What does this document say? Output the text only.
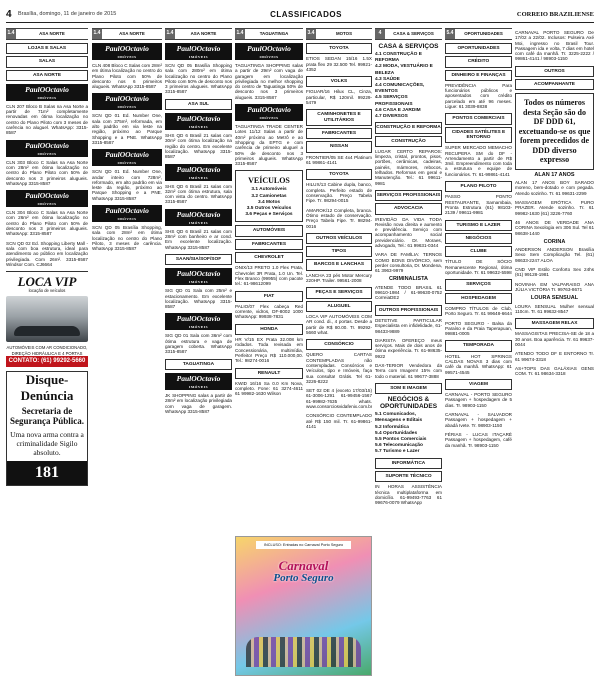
4	Brasília, domingo, 11 de janeiro de 2015	CLASSIFICADOS	CORREIO BRAZILIENSE
1.4	ASA NORTE
LOJAS E SALAS
SALAS
ASA NORTE
PaulOOctavio
IMÓVEIS

CLN 207 Bloco B Salas na Asa Norte a partir de 71m² completamente renovadas em ótima localização no centro do Plano Piloto com 3 meses de carência no aluguel. WhatsApp: 3315-8587

PaulOOctavio
IMÓVEIS

CLN 303 Bloco C Salas na Asa Norte com 28m² em ótima localização no centro do Plano Piloto com 50% de desconto nos 3 primeiros alugueis. WhatsApp 3315-8587

PaulOOctavio
IMÓVEIS

CLN 304 Bloco C Salas na Asa Norte com 26m² em ótima localização no centro do Plano Piloto com 50% de desconto nos 3 primeiros alugueis. WhatsApp: 3315-8587

SCN QD 02 Ed. Shopping Liberty Mall - sala com boa estrutura, ideal para atendimento ao público em localização privilegiada. Com 26m². 3315-8587 Windsor Com. CJ6664

LOCA VIP
locação de veículos
AUTOMÓVEIS COM AR CONDICIONADO, DIREÇÃO HIDRÁULICA E 4 PORTAS
CONTATO: (61) 99292-5660
Disque-Denúncia
Secretaria de Segurança Pública.
Uma nova arma contra a criminalidade Sigilo absoluto.
181
1.4	ASA NORTE
PaulOOctavio
IMÓVEIS

CLN 408 Bloco C Salas com 28m² em ótima localização no centro do Plano Piloto com 50% de desconto nos 6 primeiros alugueis. WhatsApp 3315-8587

PaulOOctavio
IMÓVEIS

SCN QD 01 Ed. Number One, sala com 375m², reformada, em alto padrão em via leste na região, próximo ao Parque Shopping e a PNE. WhatsApp 3315-8587

PaulOOctavio
IMÓVEIS

SCN QD 01 Ed. Number One, andar inteiro com 728m², reformado, em alto padrão em via leste da região, próximo ao Parque Shopping e a PNE. WhatsApp 3315-8587

PaulOOctavio
IMÓVEIS

SCN QD 05 Brasília Shopping, sala com 28m² em ótima localização no centro do Plano Piloto, 3 meses de carência. WhatsApp 3315-8587

1.4	ASA NORTE
PaulOOctavio
IMÓVEIS

SCN QD 05 Brasília Shopping sala com 280m² em ótima localização no centro do Plano Piloto com 50% de desconto nos 3 primeiros alugueis. WhatsApp 3315-8587

ASA SUL
PaulOOctavio
IMÓVEIS

SHS QD 6 Brasil 21 salas com 30m² com ótima localização na região do centro. Em excelente localização. WhatsApp 3315-8587

PaulOOctavio
IMÓVEIS

SHS QD 6 Brasil 21 salas com 32m² com ótima estrutura, sala com vista do centro. WhatsApp 3315-8587

PaulOOctavio
IMÓVEIS

SHS QD 6 Brasil 21 salas com 28m² com banheiro e ar cond. Em excelente localização. WhatsApp 3315-8587

SAAN/SIA/SOF/SOF
PaulOOctavio
IMÓVEIS

SIG QD 01 Sala com 25m² e estacionamento. Em excelente localização. WhatsApp 3315-8587

PaulOOctavio
IMÓVEIS

SIG QD 01 Sala com 36m² com ótima estrutura e vaga de garagem coberta. WhatsApp 3315-8587

TAGUATINGA
PaulOOctavio
IMÓVEIS

JK SHOPPING salas a partir de 28m² em localização privilegiada com vaga de garagem. WhatsApp 3315-8587

1.4	TAGUATINGA
PaulOOctavio
IMÓVEIS

TAGUATINGA SHOPPING salas a partir de 29m² com vaga de garagem em localização privilegiada no melhor shopping do centro de Taguatinga 50% de desconto nos 3 primeiros alugueis. 3315-8587

PaulOOctavio
IMÓVEIS

TAGUATINGA TRADE CENTER Lotes 11/12 Salas a partir de 40m² próximo ao Metrô e ao Shopping da EPTG e com carência de primeiro aluguel a 50% de desconto nos 3 primeiros alugueis. WhatsApp 3315-8587

VEÍCULOS
3.1 Automóveis
3.2 Camionetas
3.4 Motos
3.5 Outros Veículos
3.6 Peças e Serviços
AUTOMÓVEIS
FABRICANTES
CHEVROLET

ONIX/13 PRETO 1.0 Flex Prata, Chevrolet 3R Prata, 1.0 Un. Tel. Flex Branco (99955) com pacote tel.: 61-98612099

FIAT

PALIO/07 Flex cabeça Red corrente, vidros, DF-8002 1000 WhatsApp: 99938-7831

HONDA

HR V/15 EX Prata 32.008 km rodados. Toda revisada em Concessionária, multimídia, Perfeito! Preço R$ 110.000,00. Tel.: 98274-0016

RENAULT

KWID 16/16 Sa 0.0 Km Nova, completo. Fone: 61 3274-4611 61 99982-1630 Wilson

INCLUSO: Entradas no Carnaval Porto Seguro
Carnaval
Porto Seguro
3.4	MOTOS
TOYOTA

ETIOS SEDAN 15/16 1.5X prata flex 29 32.500 Tel. 99921-4352

VOLKS

FIGUAR/16 Hilux CL, Cinza, particular, R$ 120mil. 99229-5479

CAMINHONETES E UTILITÁRIOS
FABRICANTES
NISSAN

FRONTIER/05 SE 4x4 Platinum 61 99861-4141

TOYOTA

HILUX/13 Cabine dupla, banco, completa. Perfeito estado de conservação. Preço Tabela Fipe. Tr. 98294-0015

AMAROK/12 Completa, branca. Ótimo estado de conservação. Preço Tabela Fipe. Tr. 98294-0016

OUTROS VEÍCULOS
TIPOS
BARCOS E LANCHAS

LANCHA 23 pés Motor Mercury 220HP. Trailer. 99561-2008

PEÇAS E SERVIÇOS
ALUGUEL

LOCA VIP AUTOMÓVEIS COM AR cond. di., 4 portas. Desde a partir de R$ 80.00. Tr. 99292-5660 what.

CONSÓRCIO

QUERO CARTAS CONTEMPLADAS não contempladas. Consórcios e Veículos, tipo e Imóveis, faça sua consulta! Grátis. Tel 61-3226-8222

SET 02 DE 4 (exceto 17/03/15) 61-3006-1291 61-99456-1567 61-99982-7635 whats. www.consorciosvidafenix.com.br

CONSÓRCIO CONTEMPLADO até R$ 150 mil. Tr. 61-99861-4141

4	CASA & SERVIÇOS
CASA & SERVIÇOS
4.1 CONSTRUÇÃO E REFORMA
4.2 MODA, VESTUÁRIO E BELEZA
4.3 SAÚDE
4.4 COMUNICAÇÕES, EVENTOS
4.5 SERVIÇOS PROFISSIONAIS
4.6 CASA E JARDIM
4.7 DIVERSOS
CONSTRUÇÃO E REFORMA
CONSTRUÇÃO

LUGAR CERTO REPAROS: limpeza, cristal, prontos, pisos, portões, cerâmicas, cadeiras, painéis, mármores, rebocos, telhados. Reformas em geral e Manutenção. Tel.: 61 99611-9981

SERVIÇOS PROFISSIONAIS
ADVOCACIA

IREVIDÃO DA VIDA TODA Revisão nova direita e aumento e previdência. Serviço com acompanhamento social previdenciário. Dr. Moraes, advogado, Tel.: 61 99631-0344

VARA DE FAMÍLIA: TERNOS COMO BONS DIVÓRCIO, sem perder consultoria, Dr. Mondena, 61 3963-9979

CRIMINALISTA

ATENDE TODO BRASIL 61 99610-1984 / 61-99630-0752 CorreiaDE2

OUTROS PROFISSIONAIS

DETETIVE PARTICULAR Especialista em infidelidade, 61-98433-9889

DIARISTA OFEREÇO meus serviços. Mais de dois anos de ótima experiência. Tr. 61-98635-9922

DAX-TERIOR Vendedora da Terra com Imagem! 15% com todo o material. 61 99677-3888

SOM E IMAGEM
NEGÓCIOS & OPORTUNIDADES
5.1 Comunicados, Mensagens e Editais
5.2 Informática
5.4 Oportunidades
5.5 Pontos Comerciais
5.6 Telecomunicação
5.7 Turismo e Lazer
INFORMÁTICA
SUPORTE TÉCNICO

IN HORAS ASSISTÊNCIA técnica multiplataforma em domicílio. 61-99493-7763 61 99676-0079 WhatsApp

5.4	OPORTUNIDADES
OPORTUNIDADES
CRÉDITO
DINHEIRO E FINANÇAS

PREVIDÊNCIA Para funcionários públicos e aposentados com crédito parcelado em até 96 meses. Ligue: 61 3039-8838

PONTOS COMERCIAIS
CIDADES SATÉLITES E ENTORNO

SUPER MERCADO MEMACHO RECUPERA SM do DF - Arrendamento a partir de R$ 3mil. Empreendimento com toda a estrutura e equipe de funcionários. Tr. 61-99861-4141

PLANO PILOTO

PASSO PONTO RESTAURANTE, Samambaia, Pronta Estrutura (61) 98103-2139 / 99611-9981

TURISMO E LAZER
NEGÓCIOS
CLUBE

TÍTULO DE SÓCIO Remanescente Regional, ótima oportunidade. Tr. 61 99632-5598

SERVIÇOS
HOSPEDAGEM

COMPRO TÍTULOS de Club, Porto Seguro. Tr. 61 99648-6644

PORTO SEGURO - Balsa da Paraíso e da Praia Taperapuan, 99881-0005

TEMPORADA

HOTEL HOT SPRINGS CALDAS NOVAS 3 dias com café da manhã. WhatsApp: 61 99571-4545

VIAGEM

CARNAVAL - PORTO SEGURO Passagem + hospedagem de 5 dias. Tr. 98903-1150

CARNAVAL - SALVADOR Passagem + hospedagem + abadá Ivete. Tr. 98903-1150

FÉRIAS - LUCAS ITAÇARÉ Passagem + hospedagem, café da manhã. Tr. 98903-1150

CARNAVAL PORTO SEGURO De 17/02 a 22/02. Inclusos: Pulseira Axé Moi, ingresso no Brasil Tour. Passagem ida e volta, 7 dias em hotel com café da manhã. Tr. 3225-2222 / 99861-4141 / 98903-1150

OUTROS
ACOMPANHANTE
Todos os números desta Seção são do DF DDD 61, excetuando-se os que forem precedidos de DDD diverso expresso
ALAN 17 ANOS

ALAN 17 ANOS BOY SARADO moreno, bem-dotado e com pegada. Atendo sozinho. Tr. 61 99631-2299

MASSAGEM ERÓTICA PURO PRAZER. Atende sozinho. Tr. 61 99982-1630 (61) 3226-7760

46 ANOS DE VERDADE ANA CORINA Sexologia em 306 Sul. Tel 61 98638-1440

CORINA

ANDERSON ANDERSON Brasília Sexo Sem Complicação Tel. (61) 98633-2247 ALOA

CND VIP Estilo Conforto Sex 24hs (61) 99128-1981

NOVINHA EM VALPARAISO ANA JÚLIA VICTÓRIA Tr. 99763-8671

LOURA SENSUAL

LOURA SENSUAL Mulher sensual 110cm. Tr. 61 99632-8547

MASSAGEM RELAX

MASSAGISTAS PRECISA-SE de 18 a 30 anos. Boa aparência. Tr. 61 99637-0044

ATENDO TODO DF E ENTORNO Tr. 61 99674-3318

AS+TOPS DAS GALÁXIAS GENS COM. Tr. 61 98634-3318
